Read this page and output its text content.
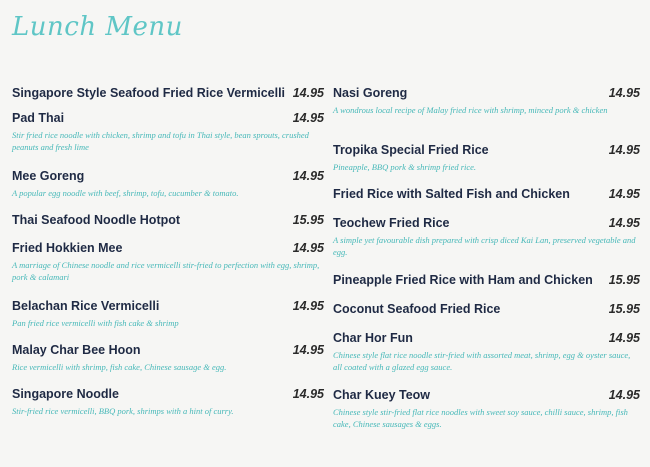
Lunch Menu
Singapore Style Seafood Fried Rice Vermicelli 14.95
Pad Thai	14.95
Stir fried rice noodle with chicken, shrimp and tofu in Thai style, bean sprouts, crushed peanuts and fresh lime
Mee Goreng	14.95
A popular egg noodle with beef, shrimp, tofu, cucumber & tomato.
Thai Seafood Noodle Hotpot	15.95
Fried Hokkien Mee	14.95
A marriage of Chinese noodle and rice vermicelli stir-fried to perfection with egg, shrimp, pork & calamari
Belachan Rice Vermicelli	14.95
Pan fried rice vermicelli with fish cake & shrimp
Malay Char Bee Hoon	14.95
Rice vermicelli with shrimp, fish cake, Chinese sausage & egg.
Singapore Noodle	14.95
Stir-fried rice vermicelli, BBQ pork, shrimps with a hint of curry.
Nasi Goreng	14.95
A wondrous local recipe of Malay fried rice with shrimp, minced pork & chicken
Tropika Special Fried Rice	14.95
Pineapple, BBQ pork & shrimp fried rice.
Fried Rice with Salted Fish and Chicken	14.95
Teochew Fried Rice	14.95
A simple yet favourable dish prepared with crisp diced Kai Lan, preserved vegetable and egg.
Pineapple Fried Rice with Ham and Chicken 15.95
Coconut Seafood Fried Rice	15.95
Char Hor Fun	14.95
Chinese style flat rice noodle stir-fried with assorted meat, shrimp, egg & oyster sauce, all coated with a glazed egg sauce.
Char Kuey Teow	14.95
Chinese style stir-fried flat rice noodles with sweet soy sauce, chilli sauce, shrimp, fish cake, Chinese sausages & eggs.
